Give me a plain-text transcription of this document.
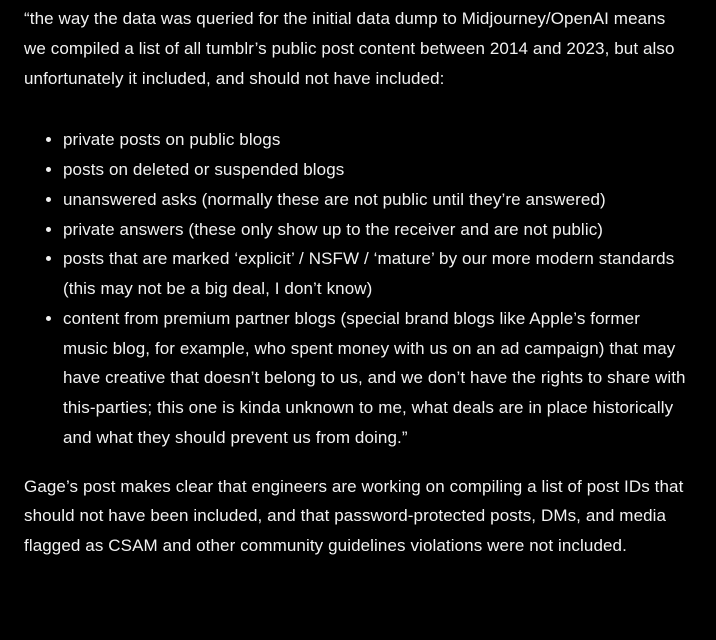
“the way the data was queried for the initial data dump to Midjourney/OpenAI means we compiled a list of all tumblr’s public post content between 2014 and 2023, but also unfortunately it included, and should not have included:

• private posts on public blogs
• posts on deleted or suspended blogs
• unanswered asks (normally these are not public until they’re answered)
• private answers (these only show up to the receiver and are not public)
• posts that are marked ‘explicit’ / NSFW / ‘mature’ by our more modern standards (this may not be a big deal, I don’t know)
• content from premium partner blogs (special brand blogs like Apple’s former music blog, for example, who spent money with us on an ad campaign) that may have creative that doesn’t belong to us, and we don’t have the rights to share with this-parties; this one is kinda unknown to me, what deals are in place historically and what they should prevent us from doing.”

Gage’s post makes clear that engineers are working on compiling a list of post IDs that should not have been included, and that password-protected posts, DMs, and media flagged as CSAM and other community guidelines violations were not included.
